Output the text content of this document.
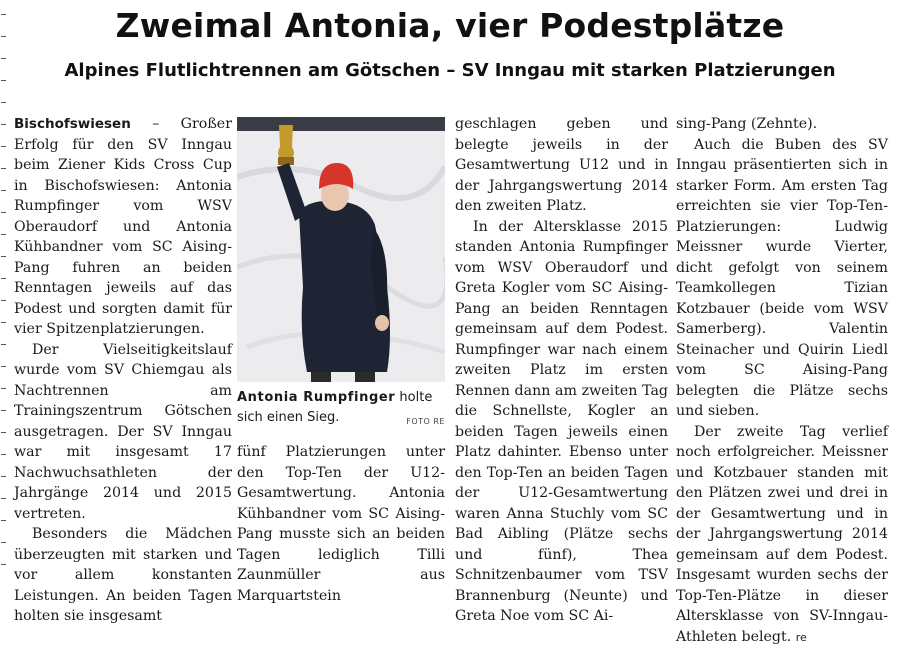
Zweimal Antonia, vier Podestplätze
Alpines Flutlichtrennen am Götschen – SV Inngau mit starken Platzierungen

Bischofswiesen – Großer Erfolg für den SV Inngau beim Ziener Kids Cross Cup in Bischofswiesen: Antonia Rumpfinger vom WSV Oberaudorf und Antonia Kühbandner vom SC Aising-Pang fuhren an beiden Renntagen jeweils auf das Podest und sorgten damit für vier Spitzenplatzierungen.

Der Vielseitigkeitslauf wurde vom SV Chiemgau als Nachtrennen am Trainingszentrum Götschen ausgetragen. Der SV Inngau war mit insgesamt 17 Nachwuchsathleten der Jahrgänge 2014 und 2015 vertreten.

Besonders die Mädchen überzeugten mit starken und vor allem konstanten Leistungen. An beiden Tagen holten sie insgesamt

Antonia Rumpfinger holte sich einen Sieg.	FOTO RE

fünf Platzierungen unter den Top-Ten der U12-Gesamtwertung. Antonia Kühbandner vom SC Aising-Pang musste sich an beiden Tagen lediglich Tilli Zaunmüller aus Marquartstein

geschlagen geben und belegte jeweils in der Gesamtwertung U12 und in der Jahrgangswertung 2014 den zweiten Platz.

In der Altersklasse 2015 standen Antonia Rumpfinger vom WSV Oberaudorf und Greta Kogler vom SC Aising-Pang an beiden Renntagen gemeinsam auf dem Podest. Rumpfinger war nach einem zweiten Platz im ersten Rennen dann am zweiten Tag die Schnellste, Kogler an beiden Tagen jeweils einen Platz dahinter. Ebenso unter den Top-Ten an beiden Tagen der U12-Gesamtwertung waren Anna Stuchly vom SC Bad Aibling (Plätze sechs und fünf), Thea Schnitzenbaumer vom TSV Brannenburg (Neunte) und Greta Noe vom SC Ai-

sing-Pang (Zehnte).

Auch die Buben des SV Inngau präsentierten sich in starker Form. Am ersten Tag erreichten sie vier Top-Ten-Platzierungen: Ludwig Meissner wurde Vierter, dicht gefolgt von seinem Teamkollegen Tizian Kotzbauer (beide vom WSV Samerberg). Valentin Steinacher und Quirin Liedl vom SC Aising-Pang belegten die Plätze sechs und sieben.

Der zweite Tag verlief noch erfolgreicher. Meissner und Kotzbauer standen mit den Plätzen zwei und drei in der Gesamtwertung und in der Jahrgangswertung 2014 gemeinsam auf dem Podest. Insgesamt wurden sechs der Top-Ten-Plätze in dieser Altersklasse von SV-Inngau-Athleten belegt. re
